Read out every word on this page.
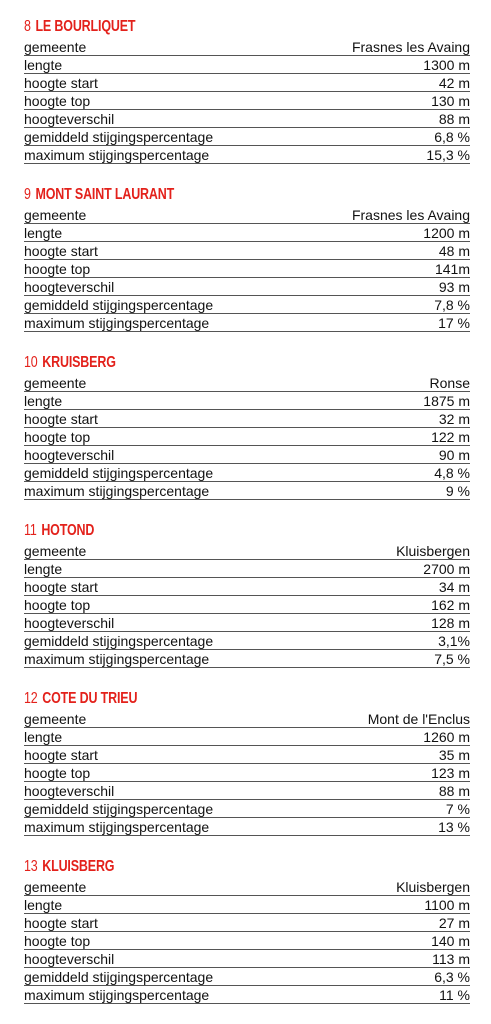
8 LE BOURLIQUET
gemeente	Frasnes les Avaing
lengte	1300 m
hoogte start	42 m
hoogte top	130 m
hoogteverschil	88 m
gemiddeld stijgingspercentage	6,8 %
maximum stijgingspercentage	15,3 %
9 MONT SAINT LAURANT
gemeente	Frasnes les Avaing
lengte	1200 m
hoogte start	48 m
hoogte top	141m
hoogteverschil	93 m
gemiddeld stijgingspercentage	7,8 %
maximum stijgingspercentage	17 %
10 KRUISBERG
gemeente	Ronse
lengte	1875 m
hoogte start	32 m
hoogte top	122 m
hoogteverschil	90 m
gemiddeld stijgingspercentage	4,8 %
maximum stijgingspercentage	9 %
11 HOTOND
gemeente	Kluisbergen
lengte	2700 m
hoogte start	34 m
hoogte top	162 m
hoogteverschil	128 m
gemiddeld stijgingspercentage	3,1%
maximum stijgingspercentage	7,5 %
12 COTE DU TRIEU
gemeente	Mont de l'Enclus
lengte	1260 m
hoogte start	35 m
hoogte top	123 m
hoogteverschil	88 m
gemiddeld stijgingspercentage	7 %
maximum stijgingspercentage	13 %
13 KLUISBERG
gemeente	Kluisbergen
lengte	1100 m
hoogte start	27 m
hoogte top	140 m
hoogteverschil	113 m
gemiddeld stijgingspercentage	6,3 %
maximum stijgingspercentage	11 %
